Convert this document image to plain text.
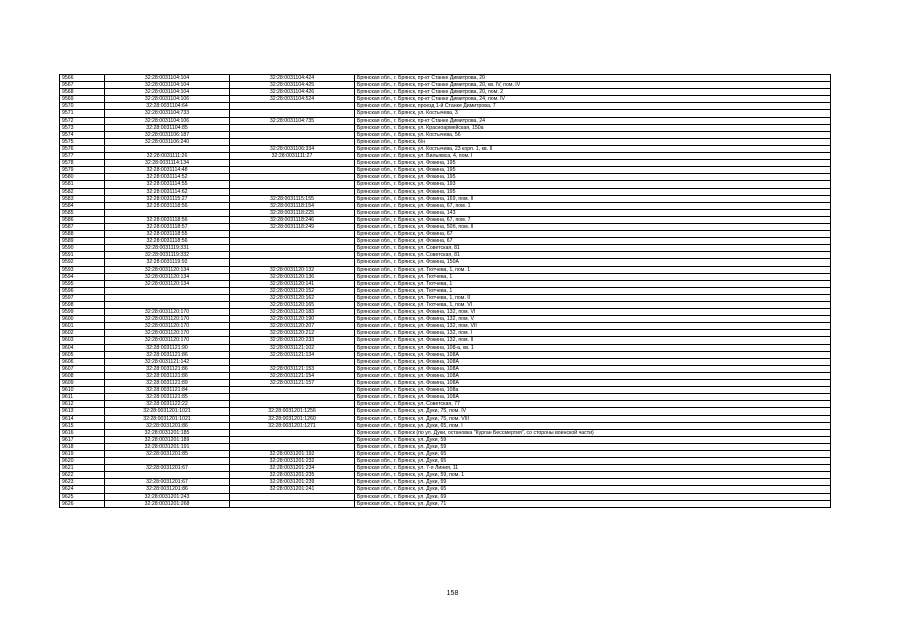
9566	32:28:0031104:104	32:28:0031104:424	Брянская обл., г. Брянск, пр-кт Станке Димитрова, 20
9567	32:28:0031104:104	32:28:0031104:425	Брянская обл., г. Брянск, пр-кт Станке Димитрова, 20, кв. IV, пом. IV
9568	32:28:0031104:104	32:28:0031104:426	Брянская обл., г. Брянск, пр-кт Станке Димитрова, 20, пом. 2
9569	32:28:0031104:106	32:28:0031104:524	Брянская обл., г. Брянск, пр-кт Станке Димитрова, 24, пом. IV
9570	32:28:0031104:64		Брянская обл., г. Брянск, проезд 1-й Станке Димитрова, 7
9571	32:28:0031104:733		Брянская обл., г. Брянск, ул. Костычева, 3
9572	32:28:0031104:106	32:28:0031104:735	Брянская обл., г. Брянск, пр-кт Станке Димитрова, 24
9573	32:28:0031104:85		Брянская обл., г. Брянск, ул. Красноармейская, 150а
9574	32:28:0031106:187		Брянская обл., г. Брянск, ул. Костычева, 56
9575	32:28:0031106:240		Брянская обл., г. Брянск, б/н
9576		32:28:0031106:334	Брянская обл., г. Брянск, ул. Костычева, 23 корп. 1, кв. II
9577	32:28:0031111:26	32:28:0031111:27	Брянская обл., г. Брянск, ул. Вильямса, 4, пом. I
9578	32:28:0031114:134		Брянская обл., г. Брянск, ул. Фокина, 195
9579	32:28:0031114:48		Брянская обл., г. Брянск, ул. Фокина, 195
9580	32:28:0031114:52		Брянская обл., г. Брянск, ул. Фокина, 195
9581	32:28:0031114:55		Брянская обл., г. Брянск, ул. Фокина, 193
9582	32:28:0031114:62		Брянская обл., г. Брянск, ул. Фокина, 195
9583	32:28:0031115:27	32:28:0031115:155	Брянская обл., г. Брянск, ул. Фокина, 169, пом. II
9584	32:28:0031118:56	32:28:0031118:154	Брянская обл., г. Брянск, ул. Фокина, 67, пом. 1
9585		32:28:0031118:225	Брянская обл., г. Брянск, ул. Фокина, 143
9586	32:28:0031118:56	32:28:0031118:246	Брянская обл., г. Брянск, ул. Фокина, 67, пом. 7
9587	32:28:0031118:57	32:28:0031118:249	Брянская обл., г. Брянск, ул. Фокина, 50б, пом. II
9588	32:28:0031118:55		Брянская обл., г. Брянск, ул. Фокина, 67
9589	32:28:0031118:56		Брянская обл., г. Брянск, ул. Фокина, 67
9590	32:28:0031119:331		Брянская обл., г. Брянск, ул. Советская, 81
9591	32:28:0031119:332		Брянская обл., г. Брянск, ул. Советская, 81
9592	32:28:0031119:92		Брянская обл., г. Брянск, ул. Фокина, 150А
9593	32:28:0031120:134	32:28:0031120:132	Брянская обл., г. Брянск, ул. Тютчева, 1, пом. 1
9594	32:28:0031120:134	32:28:0031120:136	Брянская обл., г. Брянск, ул. Тютчева, 1
9595	32:28:0031120:134	32:28:0031120:141	Брянская обл., г. Брянск, ул. Тютчева, 1
9596		32:28:0031120:152	Брянская обл., г. Брянск, ул. Тютчева, 1
9597		32:28:0031120:162	Брянская обл., г. Брянск, ул. Тютчева, 1, пом. II
9598		32:28:0031120:165	Брянская обл., г. Брянск, ул. Тютчева, 1, пом. VI
9599	32:28:0031120:170	32:28:0031120:183	Брянская обл., г. Брянск, ул. Фокина, 132, пом. VI
9600	32:28:0031120:170	32:28:0031120:190	Брянская обл., г. Брянск, ул. Фокина, 132, пом. V
9601	32:28:0031120:170	32:28:0031120:207	Брянская обл., г. Брянск, ул. Фокина, 132, пом. VII
9602	32:28:0031120:170	32:28:0031120:212	Брянская обл., г. Брянск, ул. Фокина, 132, пом. I
9603	32:28:0031120:170	32:28:0031120:233	Брянская обл., г. Брянск, ул. Фокина, 132, пом. II
9604	32:28:0031121:90	32:28:0031121:102	Брянская обл., г. Брянск, ул. Фокина, 108-а, кв. 1
9605	32:28:0031121:86	32:28:0031121:134	Брянская обл., г. Брянск, ул. Фокина, 108А
9606	32:28:0031121:142		Брянская обл., г. Брянск, ул. Фокина, 108А
9607	32:28:0031121:86	32:28:0031121:153	Брянская обл., г. Брянск, ул. Фокина, 108А
9608	32:28:0031121:86	32:28:0031121:154	Брянская обл., г. Брянск, ул. Фокина, 108А
9609	32:28:0031121:89	32:28:0031121:157	Брянская обл., г. Брянск, ул. Фокина, 108А
9610	32:28:0031121:84		Брянская обл., г. Брянск, ул. Фокина, 108а
9611	32:28:0031121:85		Брянская обл., г. Брянск, ул. Фокина, 108А
9612	32:28:0031122:22		Брянская обл., г. Брянск, ул. Советская, 77
9613	32:28:0031201:1021	32:28:0031201:1256	Брянская обл., г. Брянск, ул. Дуки, 75, пом. IV
9614	32:28:0031201:1021	32:28:0031201:1260	Брянская обл., г. Брянск, ул. Дуки, 75, пом. VIII
9615	32:28:0031201:86	32:28:0031201:1271	Брянская обл., г. Брянск, ул. Дуки, 65, пом. I
9616	32:28:0031201:185		Брянская обл., г. Брянск (по ул. Дуки, остановка "Курган Бессмертия", со стороны воинской части)
9617	32:28:0031201:189		Брянская обл., г. Брянск, ул. Дуки, 59
9618	32:28:0031201:191		Брянская обл., г. Брянск, ул. Дуки, 59
9619	32:28:0031201:85	32:28:0031201:192	Брянская обл., г. Брянск, ул. Дуки, 65
9620		32:28:0031201:232	Брянская обл., г. Брянск, ул. Дуки, 65
9621	32:28:0031201:67	32:28:0031201:234	Брянская обл., г. Брянск, ул. 7-я Линия, 11
9622		32:28:0031201:235	Брянская обл., г. Брянск, ул. Дуки, 59, пом. 1
9623	32:28:0031201:67	32:28:0031201:239	Брянская обл., г. Брянск, ул. Дуки, 59
9624	32:28:0031201:86	32:28:0031201:241	Брянская обл., г. Брянск, ул. Дуки, 65
9625	32:28:0031201:243		Брянская обл., г. Брянск, ул. Дуки, 69
9626	32:28:0031201:268		Брянская обл., г. Брянск, ул. Дуки, 71
158
